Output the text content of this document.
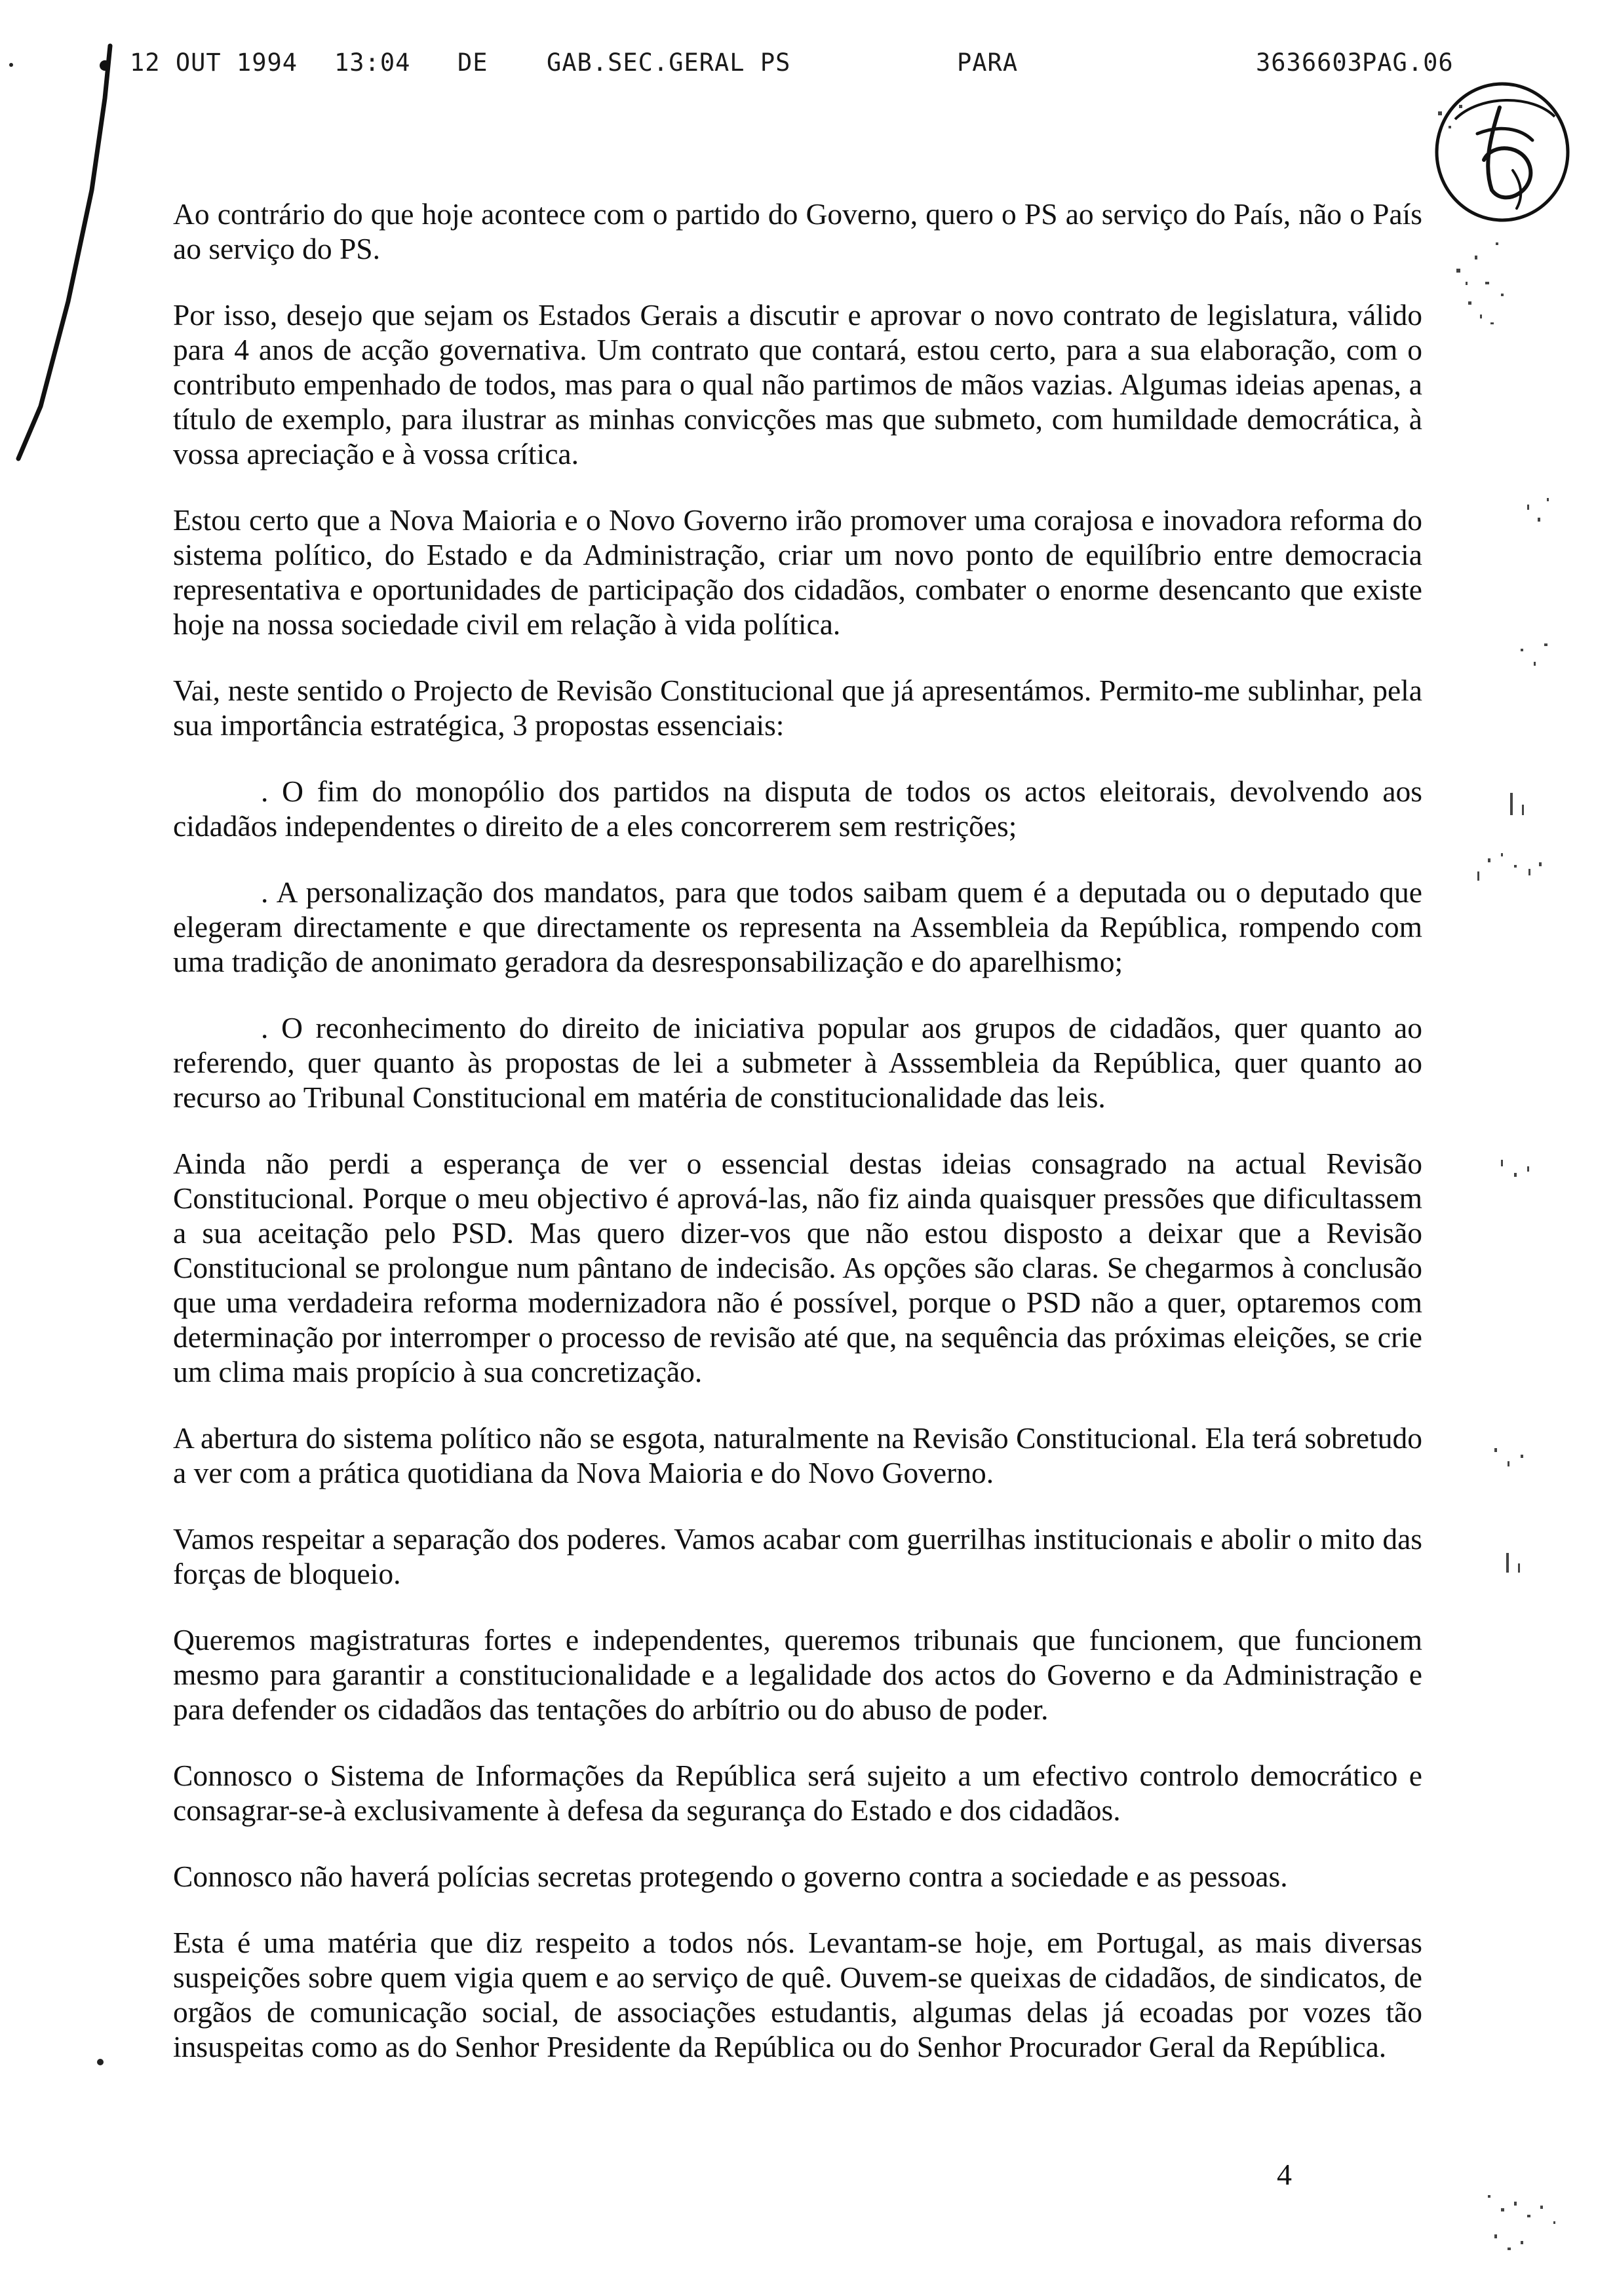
12 OUT 1994 13:04 DE GAB.SEC.GERAL PS	PARA	3636603 PAG.06

Ao contrário do que hoje acontece com o partido do Governo, quero o PS ao serviço do País, não o País ao serviço do PS.

Por isso, desejo que sejam os Estados Gerais a discutir e aprovar o novo contrato de legislatura, válido para 4 anos de acção governativa. Um contrato que contará, estou certo, para a sua elaboração, com o contributo empenhado de todos, mas para o qual não partimos de mãos vazias. Algumas ideias apenas, a título de exemplo, para ilustrar as minhas convicções mas que submeto, com humildade democrática, à vossa apreciação e à vossa crítica.

Estou certo que a Nova Maioria e o Novo Governo irão promover uma corajosa e inovadora reforma do sistema político, do Estado e da Administração, criar um novo ponto de equilíbrio entre democracia representativa e oportunidades de participação dos cidadãos, combater o enorme desencanto que existe hoje na nossa sociedade civil em relação à vida política.

Vai, neste sentido o Projecto de Revisão Constitucional que já apresentámos. Permito-me sublinhar, pela sua importância estratégica, 3 propostas essenciais:

. O fim do monopólio dos partidos na disputa de todos os actos eleitorais, devolvendo aos cidadãos independentes o direito de a eles concorrerem sem restrições;

. A personalização dos mandatos, para que todos saibam quem é a deputada ou o deputado que elegeram directamente e que directamente os representa na Assembleia da República, rompendo com uma tradição de anonimato geradora da desresponsabilização e do aparelhismo;

. O reconhecimento do direito de iniciativa popular aos grupos de cidadãos, quer quanto ao referendo, quer quanto às propostas de lei a submeter à Asssembleia da República, quer quanto ao recurso ao Tribunal Constitucional em matéria de constitucionalidade das leis.

Ainda não perdi a esperança de ver o essencial destas ideias consagrado na actual Revisão Constitucional. Porque o meu objectivo é aprová-las, não fiz ainda quaisquer pressões que dificultassem a sua aceitação pelo PSD. Mas quero dizer-vos que não estou disposto a deixar que a Revisão Constitucional se prolongue num pântano de indecisão. As opções são claras. Se chegarmos à conclusão que uma verdadeira reforma modernizadora não é possível, porque o PSD não a quer, optaremos com determinação por interromper o processo de revisão até que, na sequência das próximas eleições, se crie um clima mais propício à sua concretização.

A abertura do sistema político não se esgota, naturalmente na Revisão Constitucional. Ela terá sobretudo a ver com a prática quotidiana da Nova Maioria e do Novo Governo.

Vamos respeitar a separação dos poderes. Vamos acabar com guerrilhas institucionais e abolir o mito das forças de bloqueio.

Queremos magistraturas fortes e independentes, queremos tribunais que funcionem, que funcionem mesmo para garantir a constitucionalidade e a legalidade dos actos do Governo e da Administração e para defender os cidadãos das tentações do arbítrio ou do abuso de poder.

Connosco o Sistema de Informações da República será sujeito a um efectivo controlo democrático e consagrar-se-à exclusivamente à defesa da segurança do Estado e dos cidadãos.

Connosco não haverá polícias secretas protegendo o governo contra a sociedade e as pessoas.

Esta é uma matéria que diz respeito a todos nós. Levantam-se hoje, em Portugal, as mais diversas suspeições sobre quem vigia quem e ao serviço de quê. Ouvem-se queixas de cidadãos, de sindicatos, de orgãos de comunicação social, de associações estudantis, algumas delas já ecoadas por vozes tão insuspeitas como as do Senhor Presidente da República ou do Senhor Procurador Geral da República.

4
